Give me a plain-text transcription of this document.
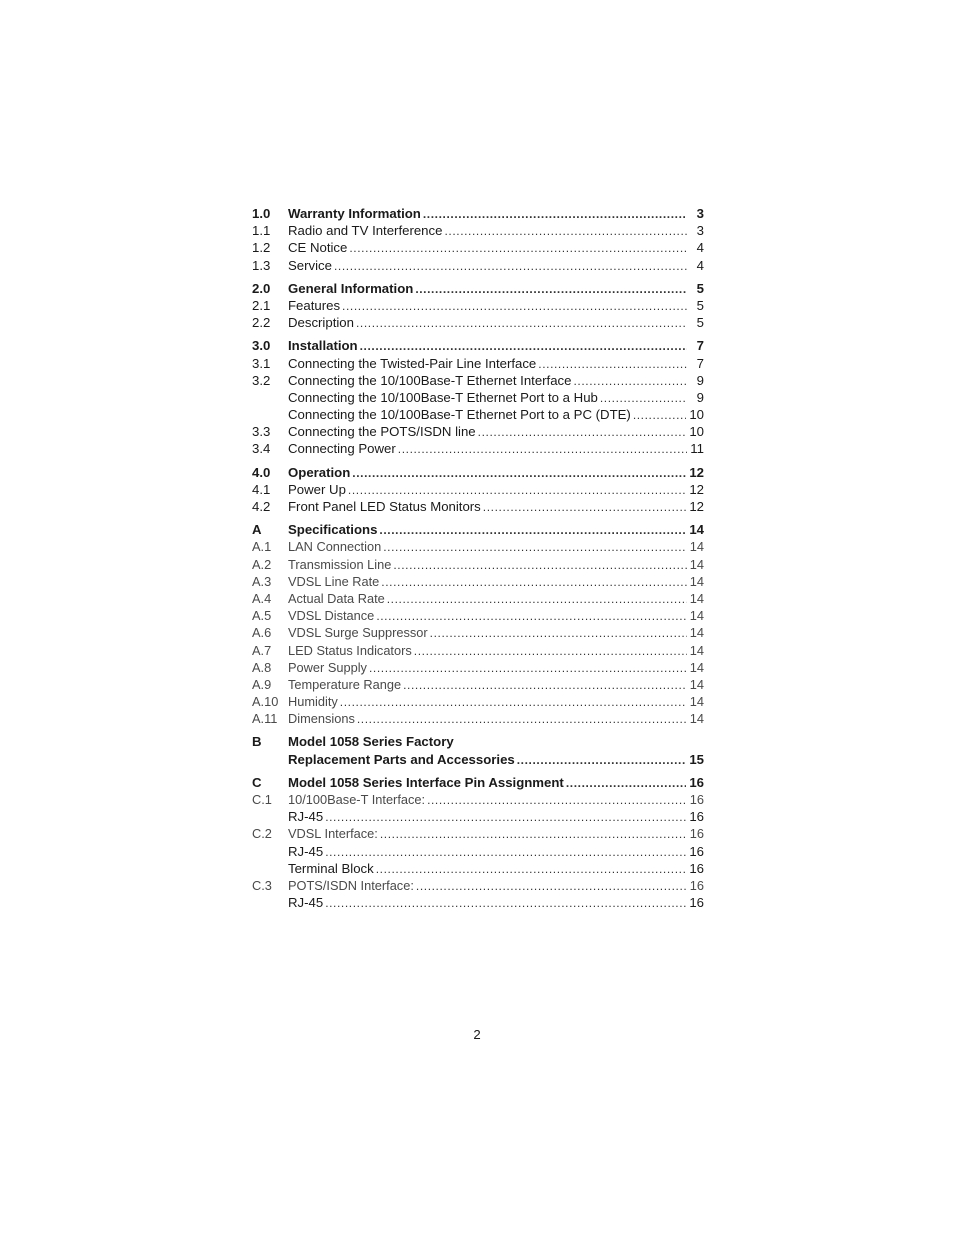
1.0	Warranty Information .....	3
1.1	Radio and TV Interference .....	3
1.2	CE Notice .....	4
1.3	Service .....	4
2.0	General Information .....	5
2.1	Features .....	5
2.2	Description .....	5
3.0	Installation .....	7
3.1	Connecting the Twisted-Pair Line Interface .....	7
3.2	Connecting the 10/100Base-T Ethernet Interface .....	9
Connecting the 10/100Base-T Ethernet Port to a Hub .....	9
Connecting the 10/100Base-T Ethernet Port to a PC (DTE) .....	10
3.3	Connecting the POTS/ISDN line .....	10
3.4	Connecting Power .....	11
4.0	Operation .....	12
4.1	Power Up .....	12
4.2	Front Panel LED Status Monitors .....	12
A	Specifications .....	14
A.1	LAN Connection .....	14
A.2	Transmission Line .....	14
A.3	VDSL Line Rate .....	14
A.4	Actual Data Rate .....	14
A.5	VDSL Distance .....	14
A.6	VDSL Surge Suppressor .....	14
A.7	LED Status Indicators .....	14
A.8	Power Supply .....	14
A.9	Temperature Range .....	14
A.10 Humidity .....	14
A.11 Dimensions .....	14
B	Model 1058 Series Factory
Replacement Parts and Accessories .....	15
C	Model 1058 Series Interface Pin Assignment .....	16
C.1	10/100Base-T Interface: .....	16
RJ-45 .....	16
C.2	VDSL Interface: .....	16
RJ-45 .....	16
Terminal Block .....	16
C.3	POTS/ISDN Interface: .....	16
RJ-45 .....	16
2
